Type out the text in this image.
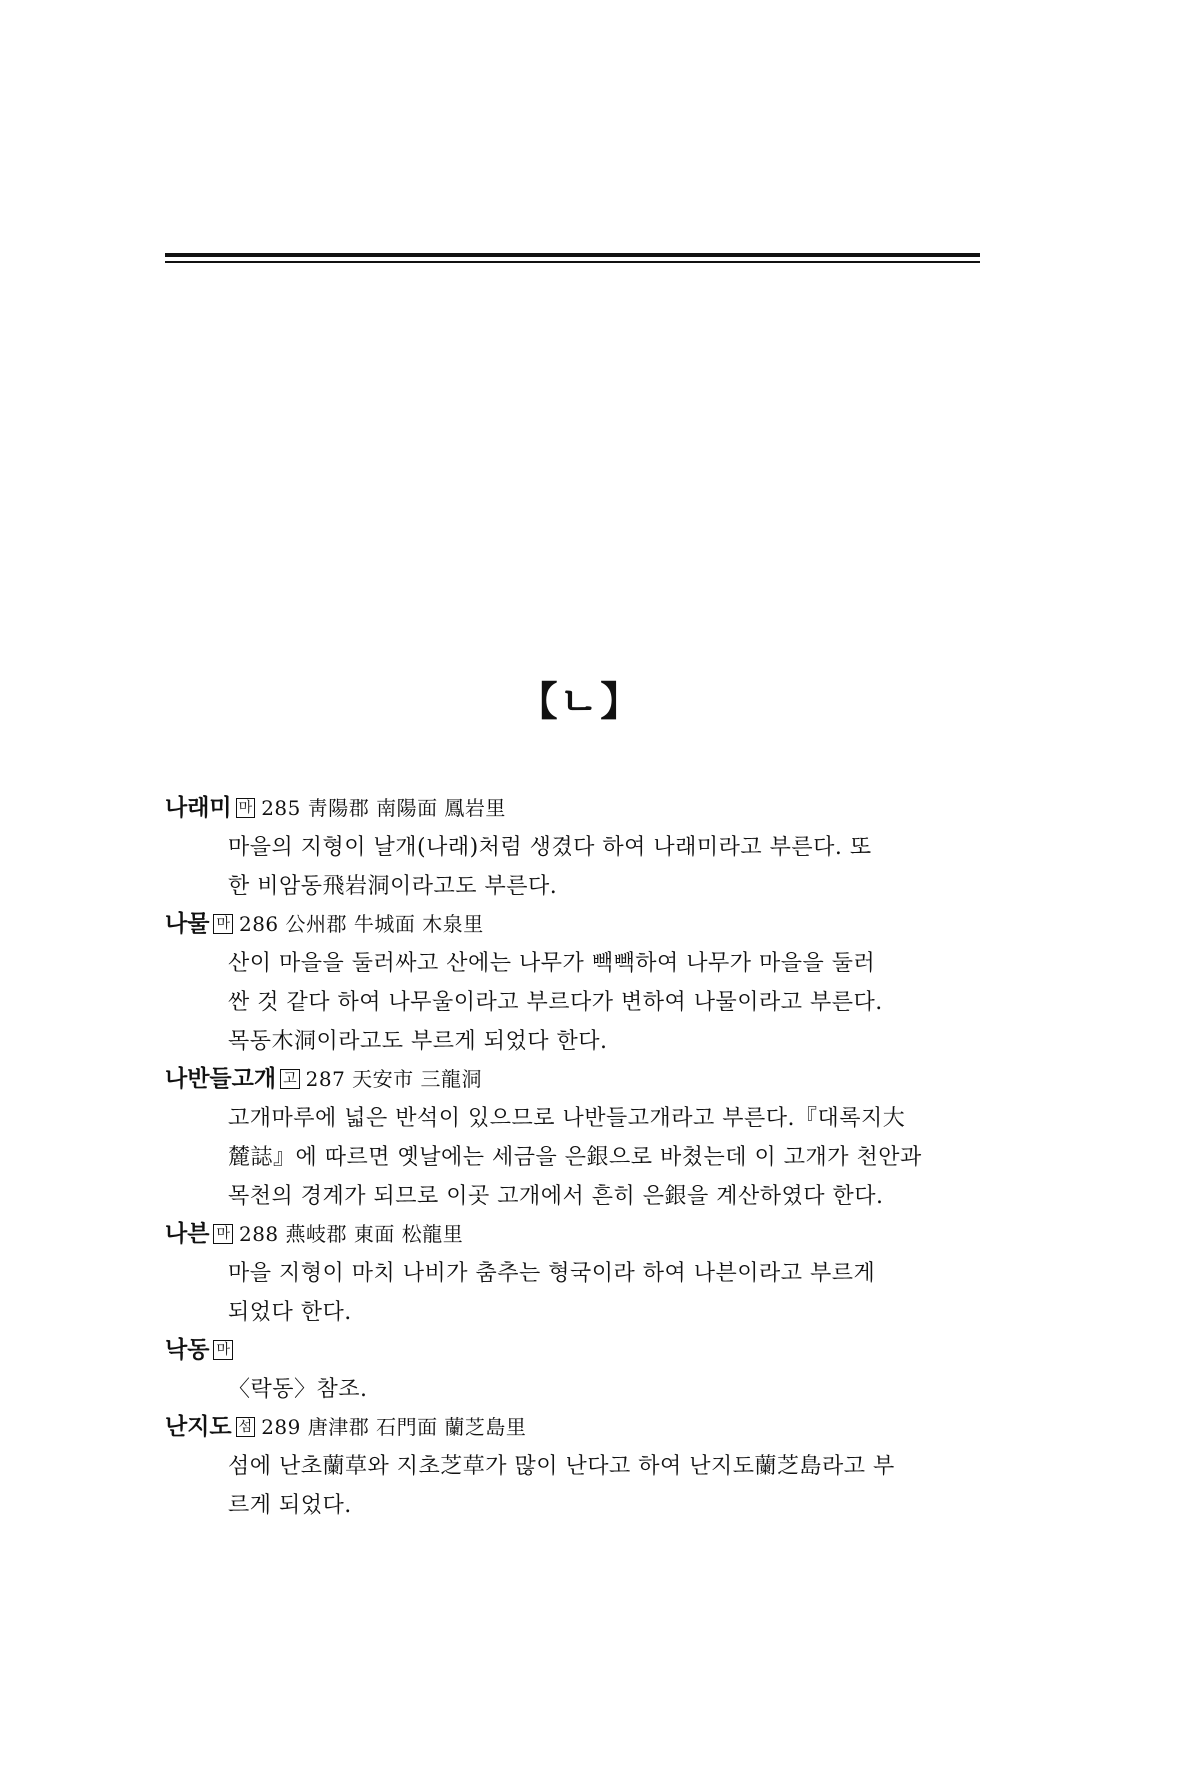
【ㄴ】
나래미 마 285 靑陽郡 南陽面 鳳岩里
마을의 지형이 날개(나래)처럼 생겼다 하여 나래미라고 부른다. 또
한 비암동飛岩洞이라고도 부른다.
나물 마 286 公州郡 牛城面 木泉里
산이 마을을 둘러싸고 산에는 나무가 빽빽하여 나무가 마을을 둘러
싼 것 같다 하여 나무울이라고 부르다가 변하여 나물이라고 부른다.
목동木洞이라고도 부르게 되었다 한다.
나반들고개 고 287 天安市 三龍洞
고개마루에 넓은 반석이 있으므로 나반들고개라고 부른다.『대록지大
麓誌』에 따르면 옛날에는 세금을 은銀으로 바쳤는데 이 고개가 천안과
목천의 경계가 되므로 이곳 고개에서 흔히 은銀을 계산하였다 한다.
나븐 마 288 燕岐郡 東面 松龍里
마을 지형이 마치 나비가 춤추는 형국이라 하여 나븐이라고 부르게
되었다 한다.
낙동 마
〈락동〉참조.
난지도 섬 289 唐津郡 石門面 蘭芝島里
섬에 난초蘭草와 지초芝草가 많이 난다고 하여 난지도蘭芝島라고 부
르게 되었다.
